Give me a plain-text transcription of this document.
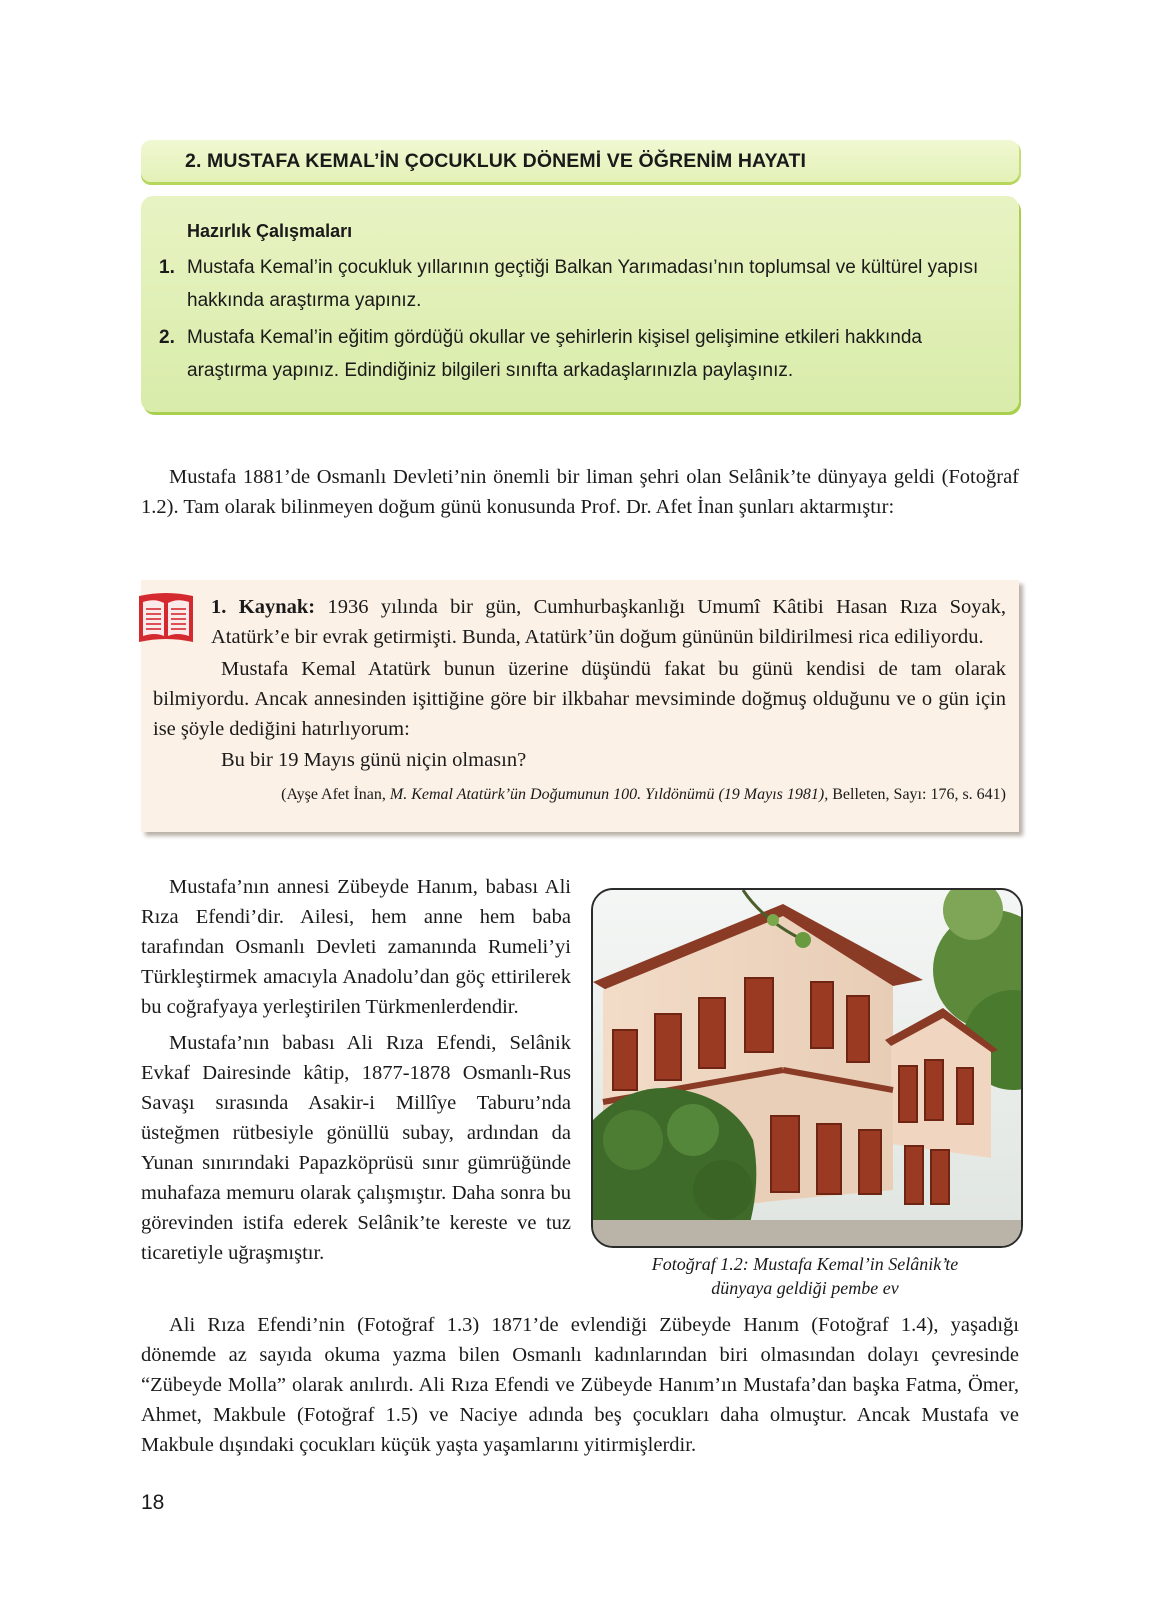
2. MUSTAFA KEMAL’İN ÇOCUKLUK DÖNEMİ VE ÖĞRENİM HAYATI
Hazırlık Çalışmaları
1. Mustafa Kemal’in çocukluk yıllarının geçtiği Balkan Yarımadası’nın toplumsal ve kültürel yapısı hakkında araştırma yapınız.
2. Mustafa Kemal’in eğitim gördüğü okullar ve şehirlerin kişisel gelişimine etkileri hakkında araştırma yapınız. Edindiğiniz bilgileri sınıfta arkadaşlarınızla paylaşınız.

Mustafa 1881’de Osmanlı Devleti’nin önemli bir liman şehri olan Selânik’te dünyaya geldi (Fotoğraf 1.2). Tam olarak bilinmeyen doğum günü konusunda Prof. Dr. Afet İnan şunları aktarmıştır:

1. Kaynak: 1936 yılında bir gün, Cumhurbaşkanlığı Umumî Kâtibi Hasan Rıza Soyak, Atatürk’e bir evrak getirmişti. Bunda, Atatürk’ün doğum gününün bildirilmesi rica ediliyordu.

Mustafa Kemal Atatürk bunun üzerine düşündü fakat bu günü kendisi de tam olarak bilmiyordu. Ancak annesinden işittiğine göre bir ilkbahar mevsiminde doğmuş olduğunu ve o gün için ise şöyle dediğini hatırlıyorum:

Bu bir 19 Mayıs günü niçin olmasın?

(Ayşe Afet İnan, M. Kemal Atatürk’ün Doğumunun 100. Yıldönümü (19 Mayıs 1981), Belleten, Sayı: 176, s. 641)

Mustafa’nın annesi Zübeyde Hanım, babası Ali Rıza Efendi’dir. Ailesi, hem anne hem baba tarafından Osmanlı Devleti zamanında Rumeli’yi Türkleştirmek amacıyla Anadolu’dan göç ettirilerek bu coğrafyaya yerleştirilen Türkmenlerdendir.

Mustafa’nın babası Ali Rıza Efendi, Selânik Evkaf Dairesinde kâtip, 1877-1878 Osmanlı-Rus Savaşı sırasında Asakir-i Millîye Taburu’nda üsteğmen rütbesiyle gönüllü subay, ardından da Yunan sınırındaki Papazköprüsü sınır gümrüğünde muhafaza memuru olarak çalışmıştır. Daha sonra bu görevinden istifa ederek Selânik’te kereste ve tuz ticaretiyle uğraşmıştır.	Fotoğraf 1.2: Mustafa Kemal’in Selânik’te
dünyaya geldiği pembe ev

Ali Rıza Efendi’nin (Fotoğraf 1.3) 1871’de evlendiği Zübeyde Hanım (Fotoğraf 1.4), yaşadığı dönemde az sayıda okuma yazma bilen Osmanlı kadınlarından biri olmasından dolayı çevresinde “Zübeyde Molla” olarak anılırdı. Ali Rıza Efendi ve Zübeyde Hanım’ın Mustafa’dan başka Fatma, Ömer, Ahmet, Makbule (Fotoğraf 1.5) ve Naciye adında beş çocukları daha olmuştur. Ancak Mustafa ve Makbule dışındaki çocukları küçük yaşta yaşamlarını yitirmişlerdir.

18
